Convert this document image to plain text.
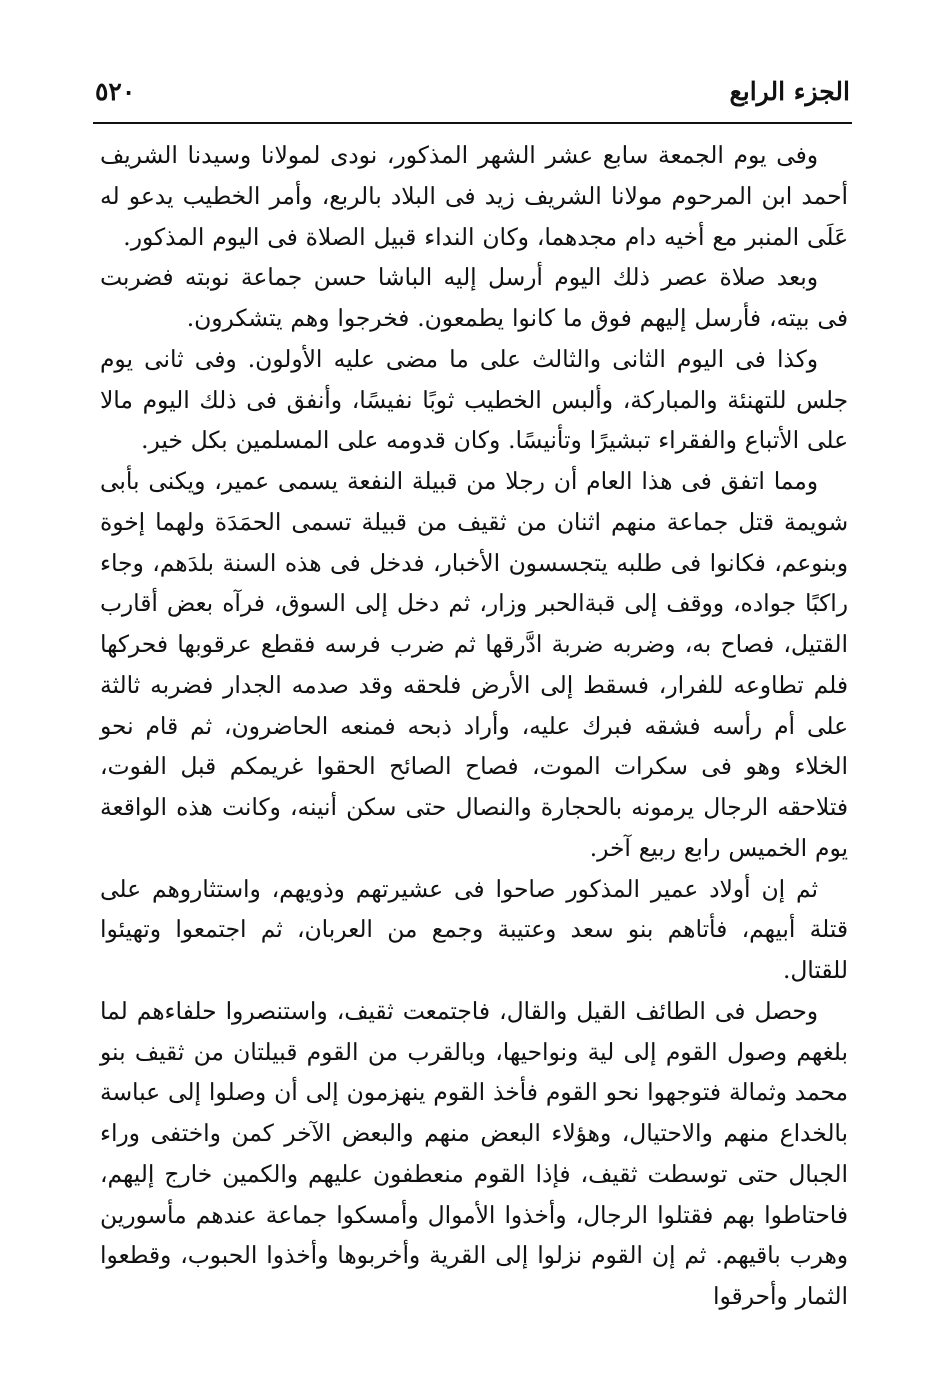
الجزء الرابع
٥٢٠

وفى يوم الجمعة سابع عشر الشهر المذكور، نودى لمولانا وسيدنا الشريف أحمد ابن المرحوم مولانا الشريف زيد فى البلاد بالربع، وأمر الخطيب يدعو له عَلَى المنبر مع أخيه دام مجدهما، وكان النداء قبيل الصلاة فى اليوم المذكور.

وبعد صلاة عصر ذلك اليوم أرسل إليه الباشا حسن جماعة نوبته فضربت فى بيته، فأرسل إليهم فوق ما كانوا يطمعون. فخرجوا وهم يتشكرون.

وكذا فى اليوم الثانى والثالث على ما مضى عليه الأولون. وفى ثانى يوم جلس للتهنئة والمباركة، وألبس الخطيب ثوبًا نفيسًا، وأنفق فى ذلك اليوم مالا على الأتباع والفقراء تبشيرًا وتأنيسًا. وكان قدومه على المسلمين بكل خير.

ومما اتفق فى هذا العام أن رجلا من قبيلة النفعة يسمى عمير، ويكنى بأبى شويمة قتل جماعة منهم اثنان من ثقيف من قبيلة تسمى الحمَدَة ولهما إخوة وبنوعم، فكانوا فى طلبه يتجسسون الأخبار، فدخل فى هذه السنة بلدَهم، وجاء راكبًا جواده، ووقف إلى قبةالحبر وزار، ثم دخل إلى السوق، فرآه بعض أقارب القتيل، فصاح به، وضربه ضربة ادَّرقها ثم ضرب فرسه فقطع عرقوبها فحركها فلم تطاوعه للفرار، فسقط إلى الأرض فلحقه وقد صدمه الجدار فضربه ثالثة على أم رأسه فشقه فبرك عليه، وأراد ذبحه فمنعه الحاضرون، ثم قام نحو الخلاء وهو فى سكرات الموت، فصاح الصائح الحقوا غريمكم قبل الفوت، فتلاحقه الرجال يرمونه بالحجارة والنصال حتى سكن أنينه، وكانت هذه الواقعة يوم الخميس رابع ربيع آخر.

ثم إن أولاد عمير المذكور صاحوا فى عشيرتهم وذويهم، واستثاروهم على قتلة أبيهم، فأتاهم بنو سعد وعتيبة وجمع من العربان، ثم اجتمعوا وتهيئوا للقتال.

وحصل فى الطائف القيل والقال، فاجتمعت ثقيف، واستنصروا حلفاءهم لما بلغهم وصول القوم إلى لية ونواحيها، وبالقرب من القوم قبيلتان من ثقيف بنو محمد وثمالة فتوجهوا نحو القوم فأخذ القوم ينهزمون إلى أن وصلوا إلى عباسة بالخداع منهم والاحتيال، وهؤلاء البعض منهم والبعض الآخر كمن واختفى وراء الجبال حتى توسطت ثقيف، فإذا القوم منعطفون عليهم والكمين خارج إليهم، فاحتاطوا بهم فقتلوا الرجال، وأخذوا الأموال وأمسكوا جماعة عندهم مأسورين وهرب باقيهم. ثم إن القوم نزلوا إلى القرية وأخربوها وأخذوا الحبوب، وقطعوا الثمار وأحرقوا
